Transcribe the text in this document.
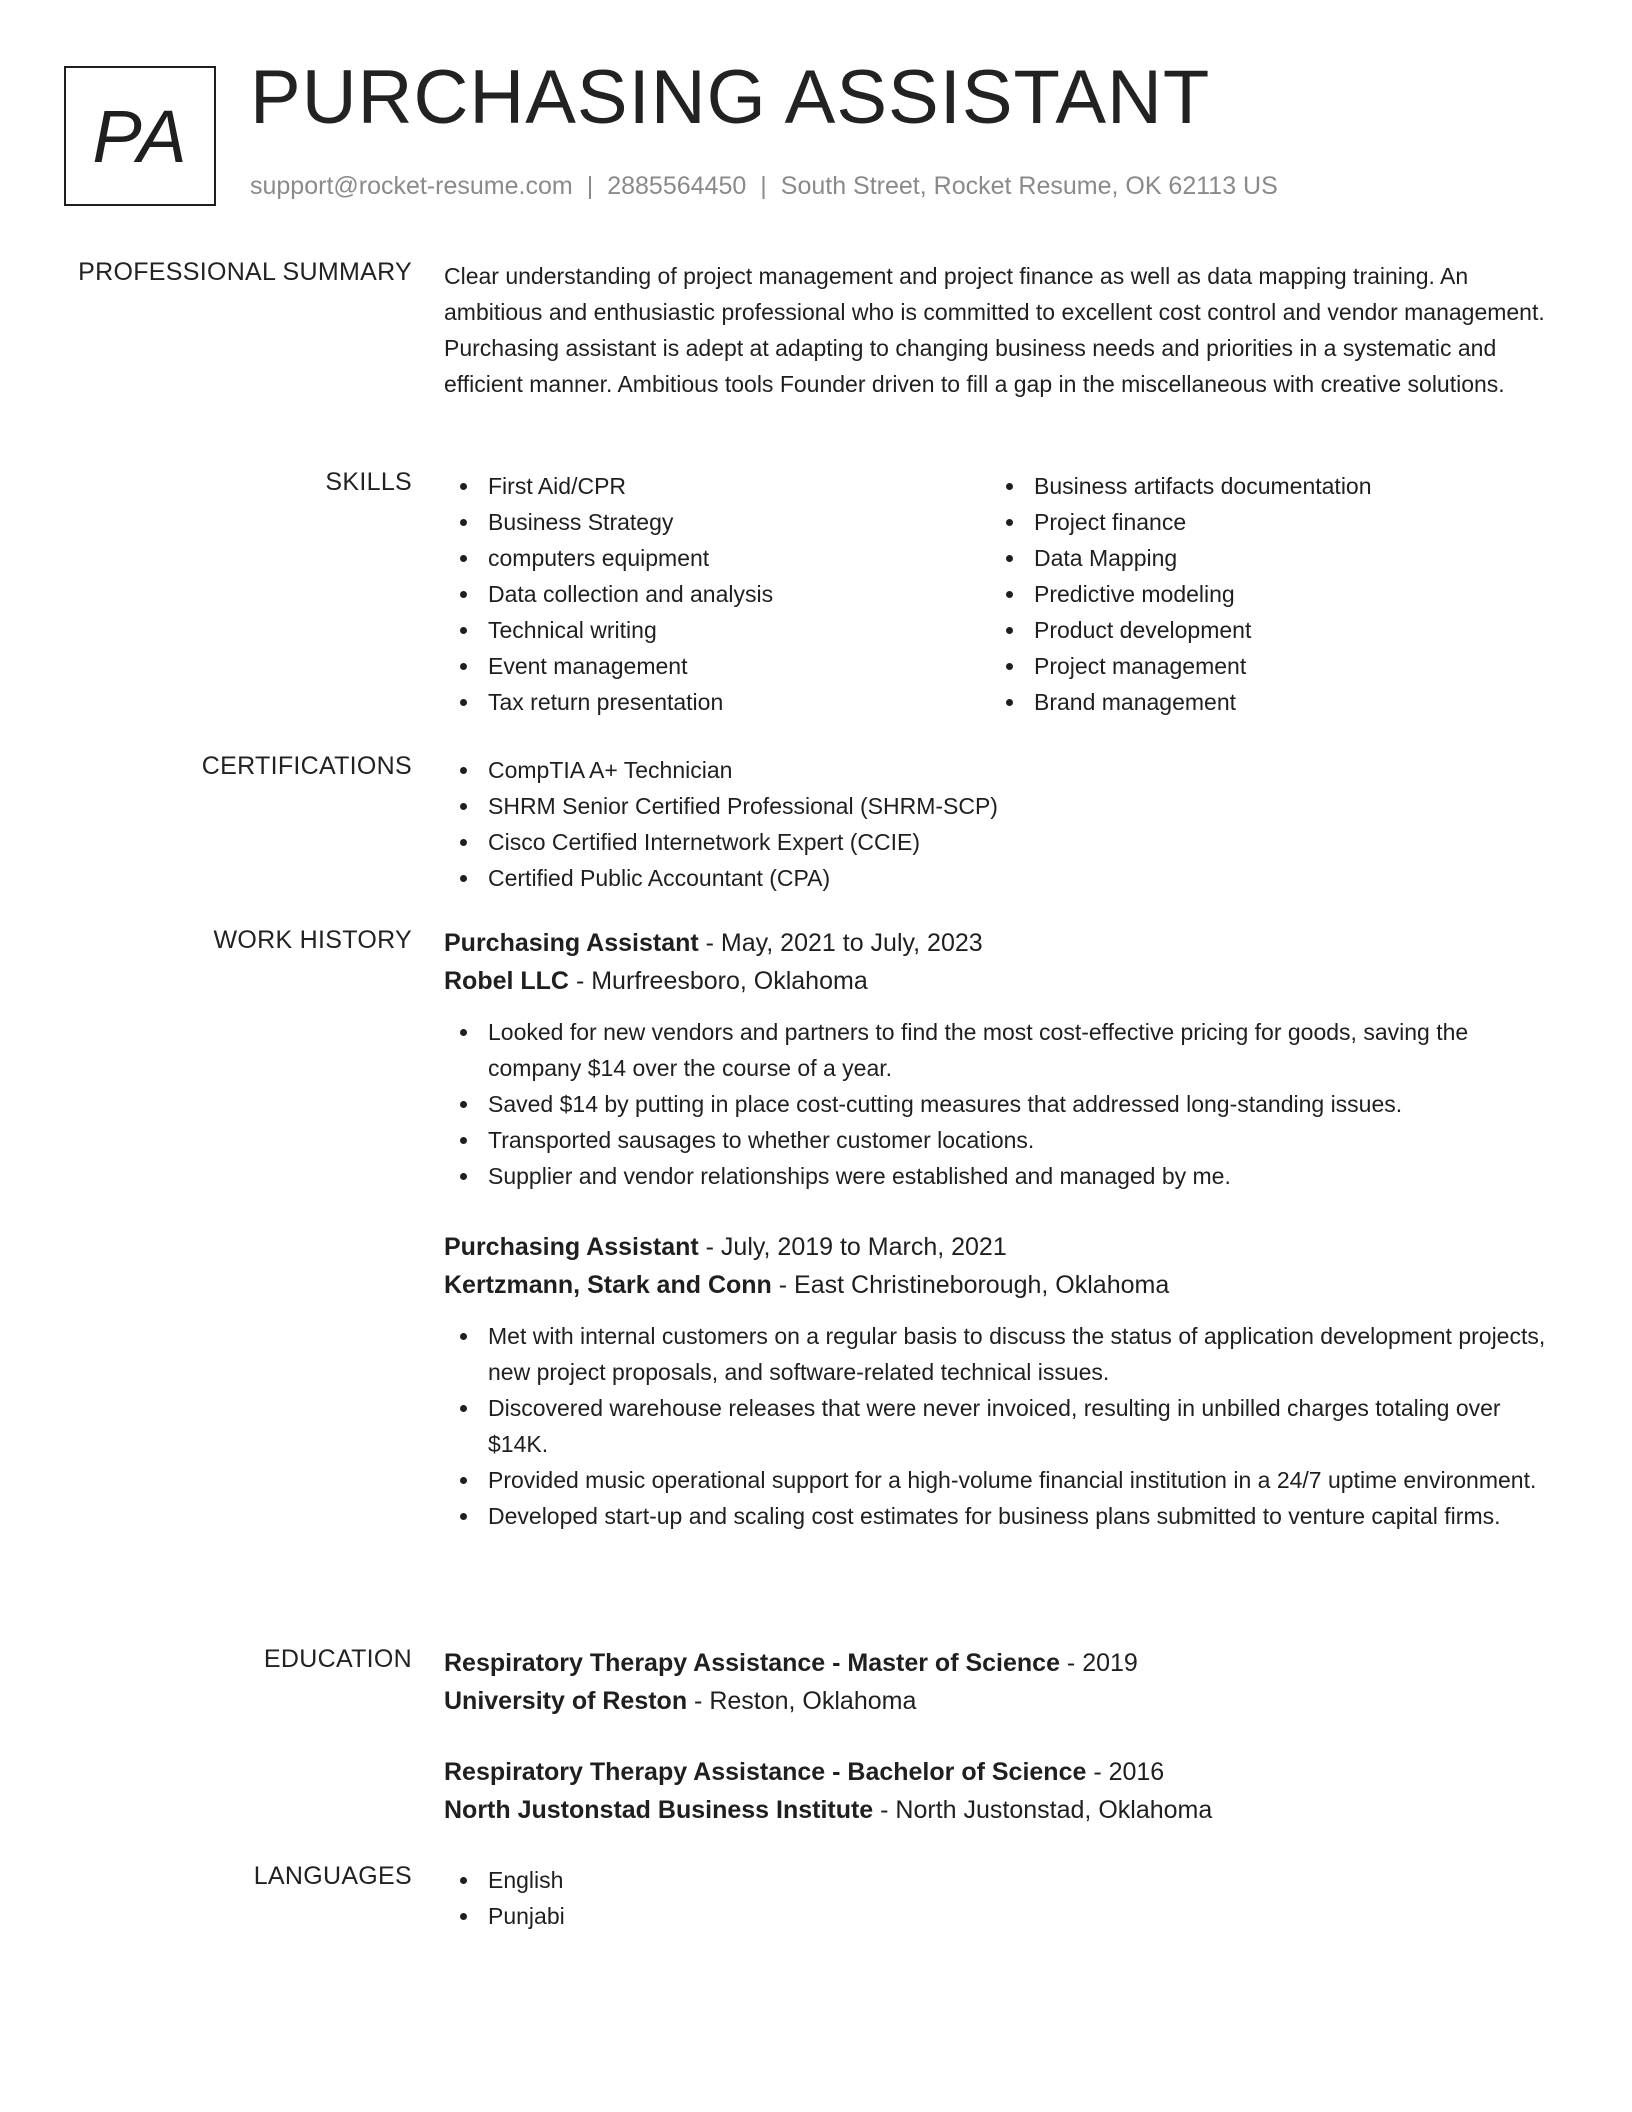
PA PURCHASING ASSISTANT
support@rocket-resume.com | 2885564450 | South Street, Rocket Resume, OK 62113 US
PROFESSIONAL SUMMARY Clear understanding of project management and project finance as well as data mapping training. An ambitious and enthusiastic professional who is committed to excellent cost control and vendor management. Purchasing assistant is adept at adapting to changing business needs and priorities in a systematic and efficient manner. Ambitious tools Founder driven to fill a gap in the miscellaneous with creative solutions.

SKILLS	First Aid/CPR
Business Strategy
computers equipment
Data collection and analysis
Technical writing
Event management
Tax return presentation
Business artifacts documentation
Project finance
Data Mapping
Predictive modeling
Product development
Project management
Brand management
CERTIFICATIONS	CompTIA A+ Technician
SHRM Senior Certified Professional (SHRM-SCP)
Cisco Certified Internetwork Expert (CCIE)
Certified Public Accountant (CPA)
WORK HISTORY Purchasing Assistant - May, 2021 to July, 2023
Robel LLC - Murfreesboro, Oklahoma
Looked for new vendors and partners to find the most cost-effective pricing for goods, saving the company $14 over the course of a year.
Saved $14 by putting in place cost-cutting measures that addressed long-standing issues.
Transported sausages to whether customer locations.
Supplier and vendor relationships were established and managed by me.
Purchasing Assistant - July, 2019 to March, 2021
Kertzmann, Stark and Conn - East Christineborough, Oklahoma
Met with internal customers on a regular basis to discuss the status of application development projects, new project proposals, and software-related technical issues.
Discovered warehouse releases that were never invoiced, resulting in unbilled charges totaling over $14K.
Provided music operational support for a high-volume financial institution in a 24/7 uptime environment.
Developed start-up and scaling cost estimates for business plans submitted to venture capital firms.
EDUCATION Respiratory Therapy Assistance - Master of Science - 2019
University of Reston - Reston, Oklahoma
Respiratory Therapy Assistance - Bachelor of Science - 2016
North Justonstad Business Institute - North Justonstad, Oklahoma
LANGUAGES	English
Punjabi
